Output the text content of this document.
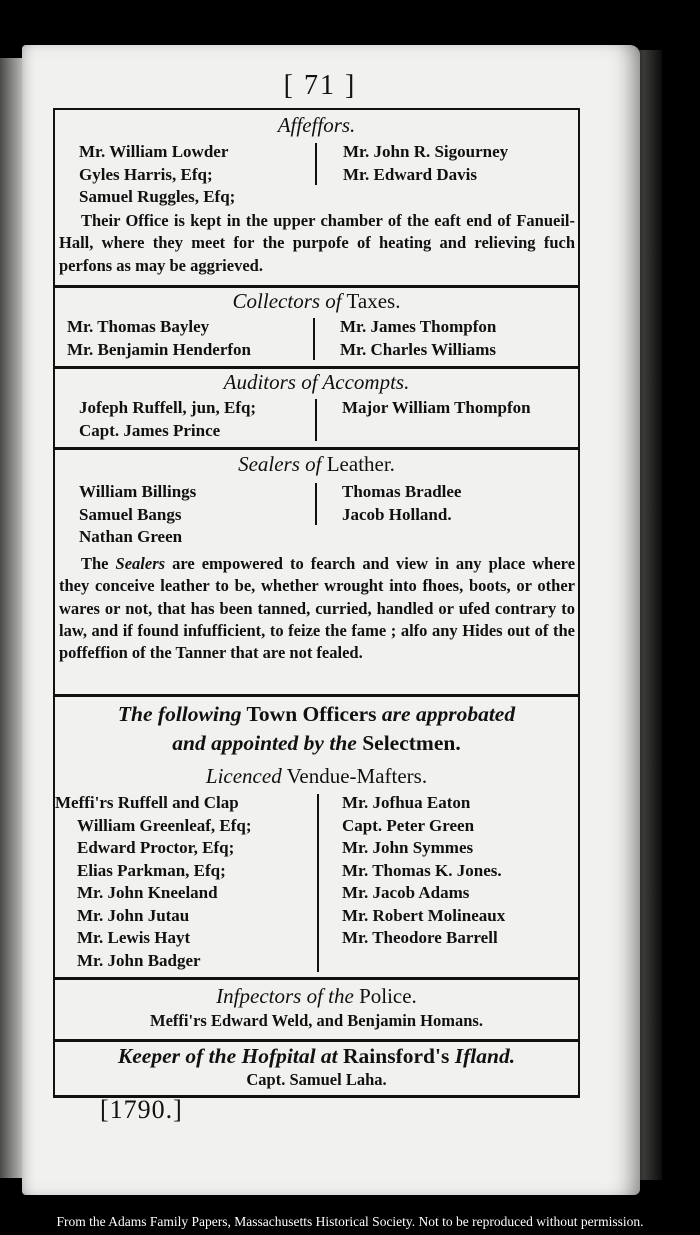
[ 71 ]
Affeffors.
Mr. William Lowder
Gyles Harris, Efq;
Samuel Ruggles, Efq;
Mr. John R. Sigourney
Mr. Edward Davis
Their Office is kept in the upper chamber of the eaft end of Fanueil-Hall, where they meet for the purpofe of heating and relieving fuch perfons as may be aggrieved.
Collectors of Taxes.
Mr. Thomas Bayley
Mr. Benjamin Henderfon
Mr. James Thompfon
Mr. Charles Williams
Auditors of Accompts.
Jofeph Ruffell, jun, Efq;
Capt. James Prince
Major William Thompfon
Sealers of Leather.
William Billings
Samuel Bangs
Nathan Green
Thomas Bradlee
Jacob Holland.
The Sealers are empowered to fearch and view in any place where they conceive leather to be, whether wrought into fhoes, boots, or other wares or not, that has been tanned, curried, handled or ufed contrary to law, and if found infufficient, to feize the fame ; alfo any Hides out of the poffeffion of the Tanner that are not fealed.
The following Town Officers are approbated
and appointed by the Selectmen.
Licenced Vendue-Mafters.
Meffi'rs Ruffell and Clap
William Greenleaf, Efq;
Edward Proctor, Efq;
Elias Parkman, Efq;
Mr. John Kneeland
Mr. John Jutau
Mr. Lewis Hayt
Mr. John Badger
Mr. Jofhua Eaton
Capt. Peter Green
Mr. John Symmes
Mr. Thomas K. Jones.
Mr. Jacob Adams
Mr. Robert Molineaux
Mr. Theodore Barrell
Infpectors of the Police.
Meffi'rs Edward Weld, and Benjamin Homans.
Keeper of the Hofpital at Rainsford's Ifland.
Capt. Samuel Laha.
[1790.]
From the Adams Family Papers, Massachusetts Historical Society. Not to be reproduced without permission.
